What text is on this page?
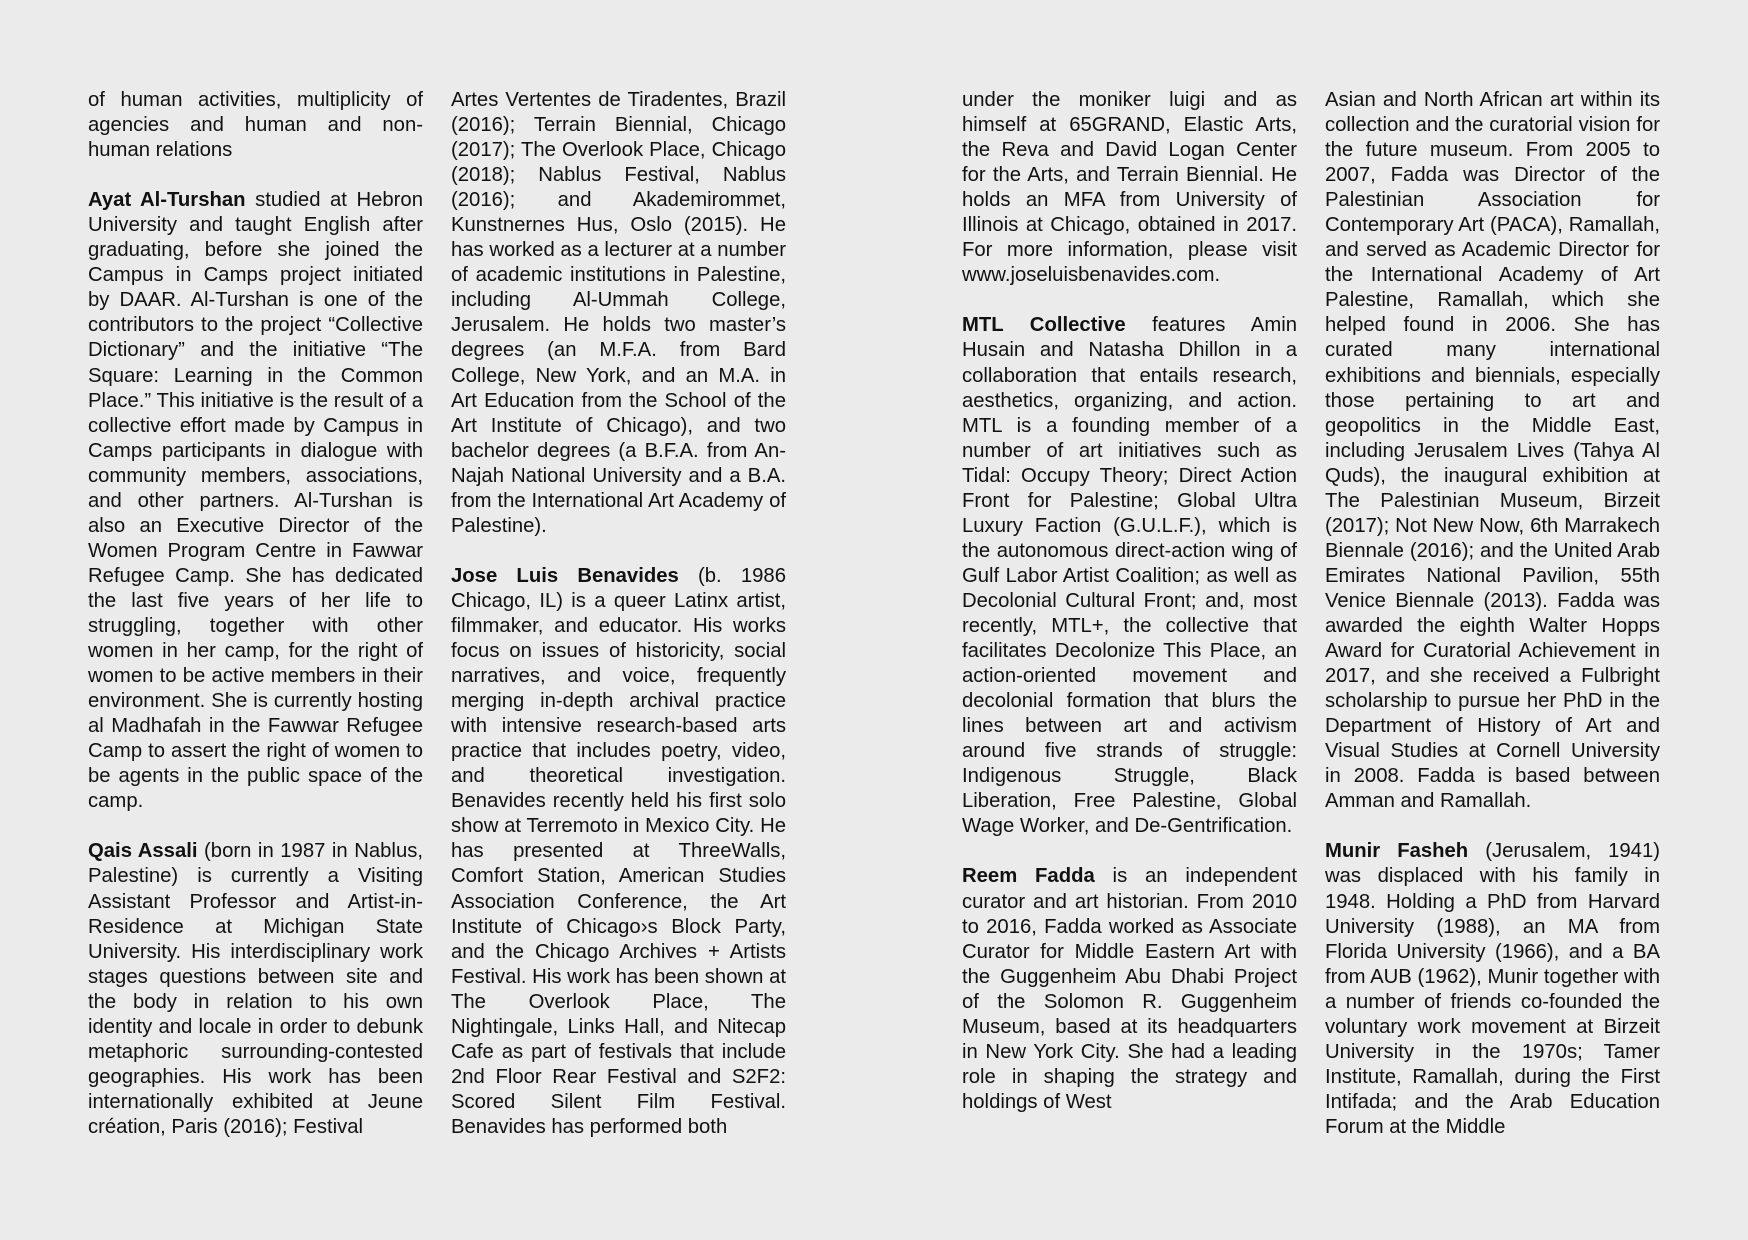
of human activities, multiplicity of agencies and human and non-human relations

Ayat Al-Turshan studied at Hebron University and taught English after graduating, before she joined the Campus in Camps project initiated by DAAR. Al-Turshan is one of the contributors to the project “Collective Dictionary” and the initiative “The Square: Learning in the Common Place.” This initiative is the result of a collective effort made by Campus in Camps participants in dialogue with community members, associations, and other partners. Al-Turshan is also an Executive Director of the Women Program Centre in Fawwar Refugee Camp. She has dedicated the last five years of her life to struggling, together with other women in her camp, for the right of women to be active members in their environment. She is currently hosting al Madhafah in the Fawwar Refugee Camp to assert the right of women to be agents in the public space of the camp.

Qais Assali (born in 1987 in Nablus, Palestine) is currently a Visiting Assistant Professor and Artist-in-Residence at Michigan State University. His interdisciplinary work stages questions between site and the body in relation to his own identity and locale in order to debunk metaphoric surrounding-contested geographies. His work has been internationally exhibited at Jeune création, Paris (2016); Festival

Artes Vertentes de Tiradentes, Brazil (2016); Terrain Biennial, Chicago (2017); The Overlook Place, Chicago (2018); Nablus Festival, Nablus (2016); and Akademirommet, Kunstnernes Hus, Oslo (2015). He has worked as a lecturer at a number of academic institutions in Palestine, including Al-Ummah College, Jerusalem. He holds two master’s degrees (an M.F.A. from Bard College, New York, and an M.A. in Art Education from the School of the Art Institute of Chicago), and two bachelor degrees (a B.F.A. from An-Najah National University and a B.A. from the International Art Academy of Palestine).

Jose Luis Benavides (b. 1986 Chicago, IL) is a queer Latinx artist, filmmaker, and educator. His works focus on issues of historicity, social narratives, and voice, frequently merging in-depth archival practice with intensive research-based arts practice that includes poetry, video, and theoretical investigation. Benavides recently held his first solo show at Terremoto in Mexico City. He has presented at ThreeWalls, Comfort Station, American Studies Association Conference, the Art Institute of Chicago›s Block Party, and the Chicago Archives + Artists Festival. His work has been shown at The Overlook Place, The Nightingale, Links Hall, and Nitecap Cafe as part of festivals that include 2nd Floor Rear Festival and S2F2: Scored Silent Film Festival. Benavides has performed both

under the moniker luigi and as himself at 65GRAND, Elastic Arts, the Reva and David Logan Center for the Arts, and Terrain Biennial. He holds an MFA from University of Illinois at Chicago, obtained in 2017. For more information, please visit www.joseluisbenavides.com.

MTL Collective features Amin Husain and Natasha Dhillon in a collaboration that entails research, aesthetics, organizing, and action. MTL is a founding member of a number of art initiatives such as Tidal: Occupy Theory; Direct Action Front for Palestine; Global Ultra Luxury Faction (G.U.L.F.), which is the autonomous direct-action wing of Gulf Labor Artist Coalition; as well as Decolonial Cultural Front; and, most recently, MTL+, the collective that facilitates Decolonize This Place, an action-oriented movement and decolonial formation that blurs the lines between art and activism around five strands of struggle: Indigenous Struggle, Black Liberation, Free Palestine, Global Wage Worker, and De-Gentrification.

Reem Fadda is an independent curator and art historian. From 2010 to 2016, Fadda worked as Associate Curator for Middle Eastern Art with the Guggenheim Abu Dhabi Project of the Solomon R. Guggenheim Museum, based at its headquarters in New York City. She had a leading role in shaping the strategy and holdings of West

Asian and North African art within its collection and the curatorial vision for the future museum. From 2005 to 2007, Fadda was Director of the Palestinian Association for Contemporary Art (PACA), Ramallah, and served as Academic Director for the International Academy of Art Palestine, Ramallah, which she helped found in 2006. She has curated many international exhibitions and biennials, especially those pertaining to art and geopolitics in the Middle East, including Jerusalem Lives (Tahya Al Quds), the inaugural exhibition at The Palestinian Museum, Birzeit (2017); Not New Now, 6th Marrakech Biennale (2016); and the United Arab Emirates National Pavilion, 55th Venice Biennale (2013). Fadda was awarded the eighth Walter Hopps Award for Curatorial Achievement in 2017, and she received a Fulbright scholarship to pursue her PhD in the Department of History of Art and Visual Studies at Cornell University in 2008. Fadda is based between Amman and Ramallah.

Munir Fasheh (Jerusalem, 1941) was displaced with his family in 1948. Holding a PhD from Harvard University (1988), an MA from Florida University (1966), and a BA from AUB (1962), Munir together with a number of friends co-founded the voluntary work movement at Birzeit University in the 1970s; Tamer Institute, Ramallah, during the First Intifada; and the Arab Education Forum at the Middle
